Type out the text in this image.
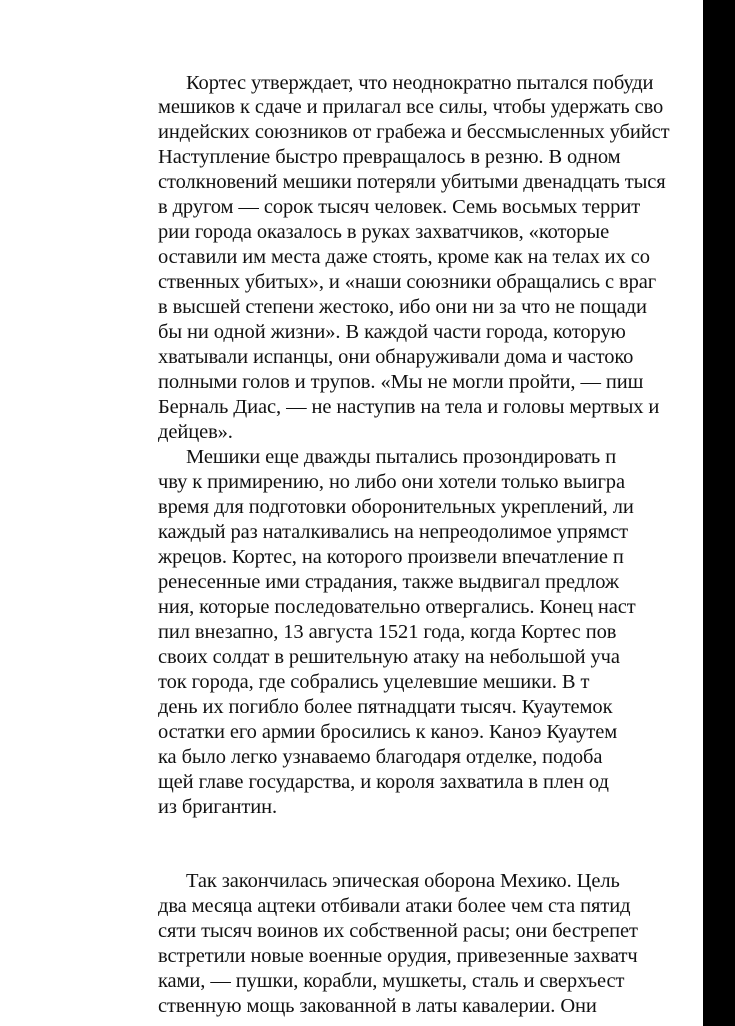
Кортес утверждает, что неоднократно пытался побуди
мешиков к сдаче и прилагал все силы, чтобы удержать сво
индейских союзников от грабежа и бессмысленных убийст
Наступление быстро превращалось в резню. В одном
столкновений мешики потеряли убитыми двенадцать тыся
в другом — сорок тысяч человек. Семь восьмых террит
рии города оказалось в руках захватчиков, «которые
оставили им места даже стоять, кроме как на телах их со
ственных убитых», и «наши союзники обращались с враг
в высшей степени жестоко, ибо они ни за что не пощади
бы ни одной жизни». В каждой части города, которую
хватывали испанцы, они обнаруживали дома и частоко
полными голов и трупов. «Мы не могли пройти, — пиш
Берналь Диас, — не наступив на тела и головы мертвых и
дейцев».
Мешики еще дважды пытались прозондировать п
чву к примирению, но либо они хотели только выигра
время для подготовки оборонительных укреплений, ли
каждый раз наталкивались на непреодолимое упрямст
жрецов. Кортес, на которого произвели впечатление п
ренесенные ими страдания, также выдвигал предлож
ния, которые последовательно отвергались. Конец наст
пил внезапно, 13 августа 1521 года, когда Кортес пов
своих солдат в решительную атаку на небольшой уча
ток города, где собрались уцелевшие мешики. В т
день их погибло более пятнадцати тысяч. Куаутемок
остатки его армии бросились к каноэ. Каноэ Куаутем
ка было легко узнаваемо благодаря отделке, подоба
щей главе государства, и короля захватила в плен од
из бригантин.
Так закончилась эпическая оборона Мехико. Цель
два месяца ацтеки отбивали атаки более чем ста пятид
сяти тысяч воинов их собственной расы; они бестрепет
встретили новые военные орудия, привезенные захватч
ками, — пушки, корабли, мушкеты, сталь и сверхъест
ственную мощь закованной в латы кавалерии. Они
